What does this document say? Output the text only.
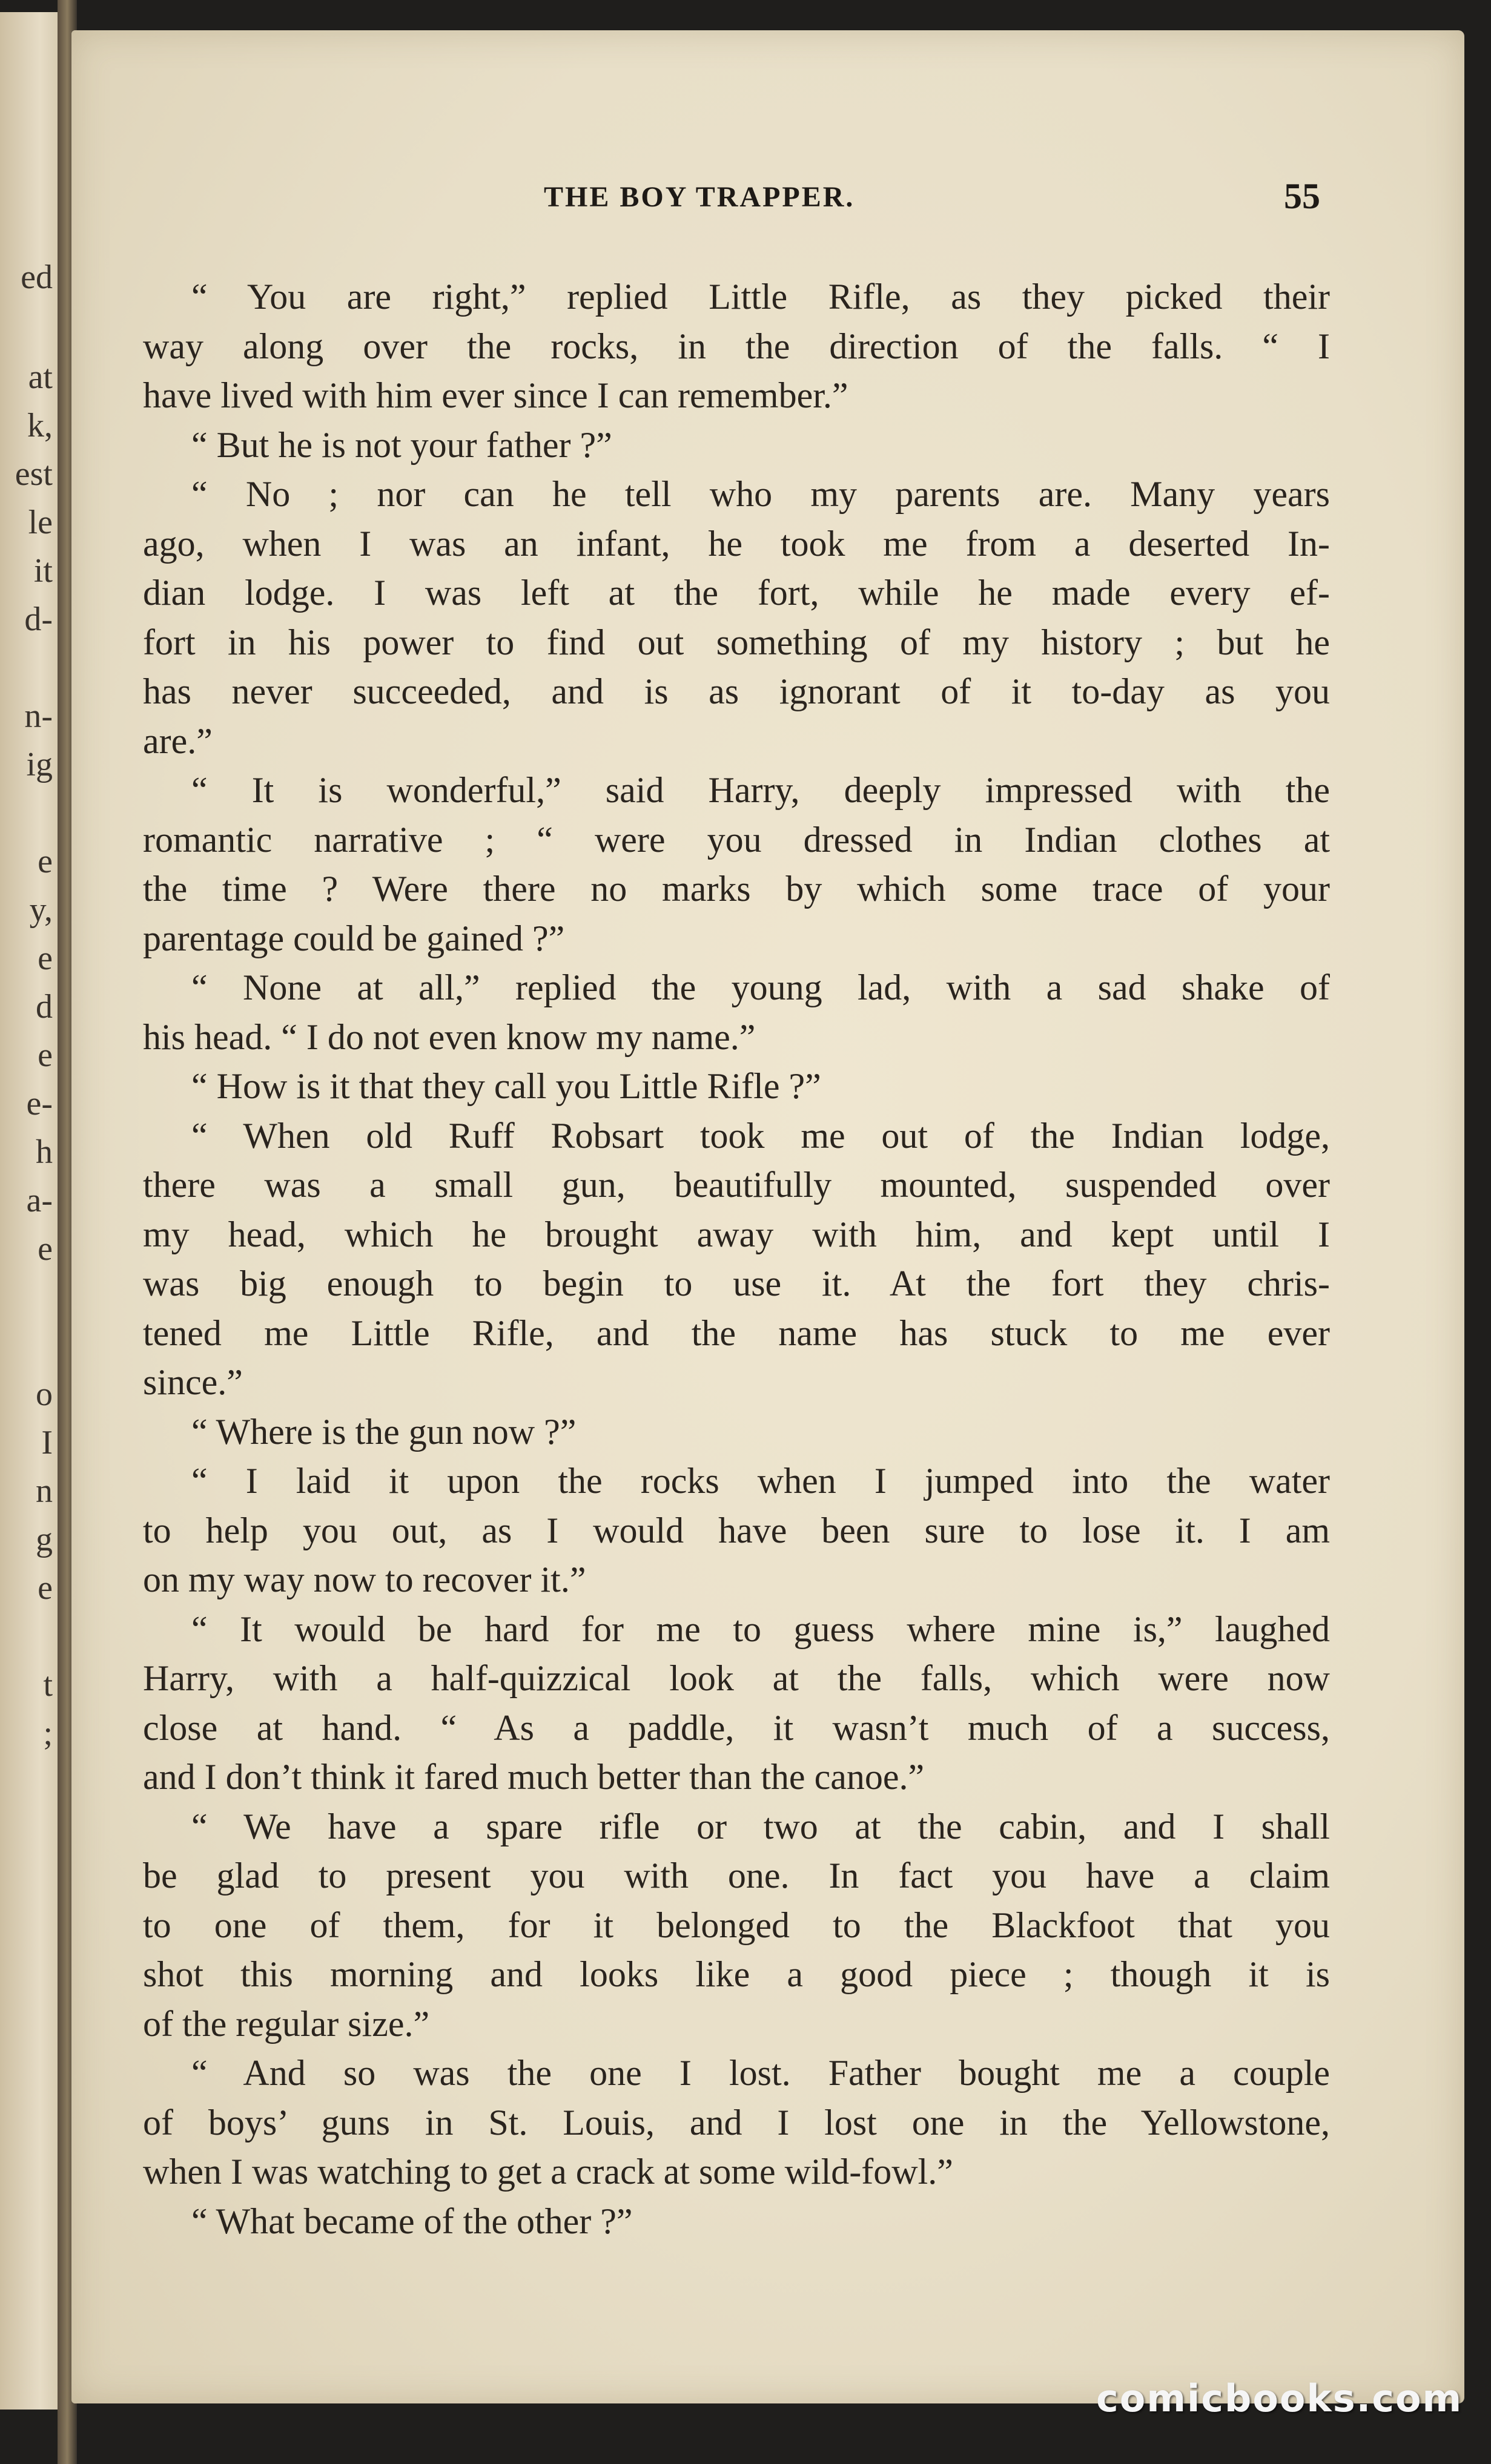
ed
at
k,
est
le
it
d-
n-
ig
e
y,
e
d
e
e-
h
a-
e
o
I
n
g
e
t
;
THE BOY TRAPPER.	55
“ You are right,” replied Little Rifle, as they picked their
way along over the rocks, in the direction of the falls. “ I
have lived with him ever since I can remember.”
“ But he is not your father ?”
“ No ; nor can he tell who my parents are. Many years
ago, when I was an infant, he took me from a deserted In-
dian lodge. I was left at the fort, while he made every ef-
fort in his power to find out something of my history ; but he
has never succeeded, and is as ignorant of it to-day as you
are.”
“ It is wonderful,” said Harry, deeply impressed with the
romantic narrative ; “ were you dressed in Indian clothes at
the time ? Were there no marks by which some trace of your
parentage could be gained ?”
“ None at all,” replied the young lad, with a sad shake of
his head. “ I do not even know my name.”
“ How is it that they call you Little Rifle ?”
“ When old Ruff Robsart took me out of the Indian lodge,
there was a small gun, beautifully mounted, suspended over
my head, which he brought away with him, and kept until I
was big enough to begin to use it. At the fort they chris-
tened me Little Rifle, and the name has stuck to me ever
since.”
“ Where is the gun now ?”
“ I laid it upon the rocks when I jumped into the water
to help you out, as I would have been sure to lose it. I am
on my way now to recover it.”
“ It would be hard for me to guess where mine is,” laughed
Harry, with a half-quizzical look at the falls, which were now
close at hand. “ As a paddle, it wasn’t much of a success,
and I don’t think it fared much better than the canoe.”
“ We have a spare rifle or two at the cabin, and I shall
be glad to present you with one. In fact you have a claim
to one of them, for it belonged to the Blackfoot that you
shot this morning and looks like a good piece ; though it is
of the regular size.”
“ And so was the one I lost. Father bought me a couple
of boys’ guns in St. Louis, and I lost one in the Yellowstone,
when I was watching to get a crack at some wild-fowl.”
“ What became of the other ?”
comicbooks.com
